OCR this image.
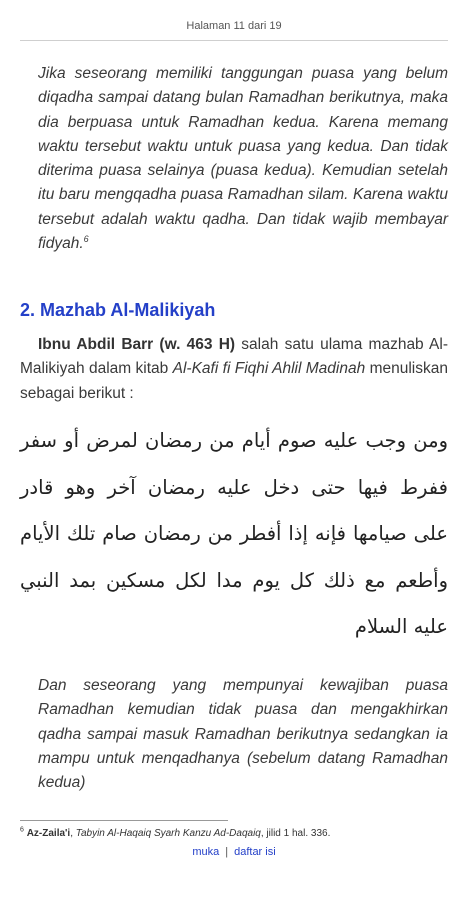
Halaman 11 dari 19
Jika seseorang memiliki tanggungan puasa yang belum diqadha sampai datang bulan Ramadhan berikutnya, maka dia berpuasa untuk Ramadhan kedua. Karena memang waktu tersebut waktu untuk puasa yang kedua. Dan tidak diterima puasa selainya (puasa kedua). Kemudian setelah itu baru mengqadha puasa Ramadhan silam. Karena waktu tersebut adalah waktu qadha. Dan tidak wajib membayar fidyah.$^6$
2. Mazhab Al-Malikiyah
Ibnu Abdil Barr (w. 463 H) salah satu ulama mazhab Al-Malikiyah dalam kitab Al-Kafi fi Fiqhi Ahlil Madinah menuliskan sebagai berikut :
ومن وجب عليه صوم أيام من رمضان لمرض أو سفر
ففرط فيها حتى دخل عليه رمضان آخر وهو قادر
على صيامها فإنه إذا أفطر من رمضان صام تلك الأيام
وأطعم مع ذلك كل يوم مدا لكل مسكين بمد النبي
عليه السلام
Dan seseorang yang mempunyai kewajiban puasa Ramadhan kemudian tidak puasa dan mengakhirkan qadha sampai masuk Ramadhan berikutnya sedangkan ia mampu untuk menqadhanya (sebelum datang Ramadhan kedua)
$^6$ Az-Zaila'i, Tabyin Al-Haqaiq Syarh Kanzu Ad-Daqaiq, jilid 1 hal. 336.
muka | daftar isi
